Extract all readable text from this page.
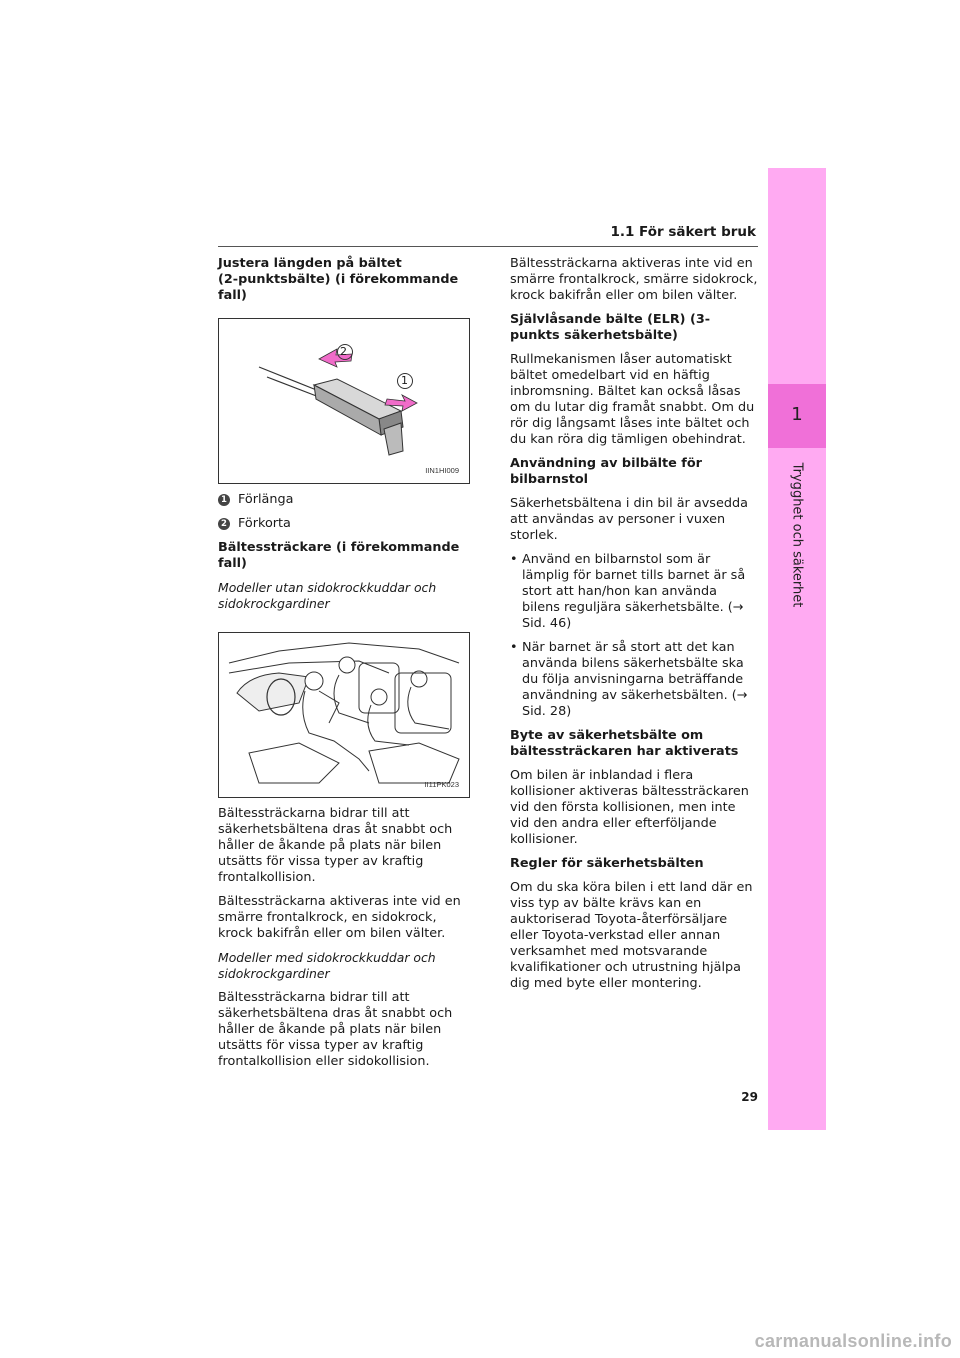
1.1 För säkert bruk
1
Trygghet och säkerhet
Justera längden på bältet
(2-punktsbälte) (i förekommande fall)
2
1
IIN1HI009
1 Förlänga
2 Förkorta
Bältessträckare (i förekommande fall)
Modeller utan sidokrockkuddar och sidokrockgardiner
II11PK023

Bältessträckarna bidrar till att säkerhetsbältena dras åt snabbt och håller de åkande på plats när bilen utsätts för vissa typer av kraftig frontalkollision.

Bältessträckarna aktiveras inte vid en smärre frontalkrock, en sidokrock, krock bakifrån eller om bilen välter.

Modeller med sidokrockkuddar och sidokrockgardiner

Bältessträckarna bidrar till att säkerhetsbältena dras åt snabbt och håller de åkande på plats när bilen utsätts för vissa typer av kraftig frontalkollision eller sidokollision.

Bältessträckarna aktiveras inte vid en smärre frontalkrock, smärre sidokrock, krock bakifrån eller om bilen välter.

Självlåsande bälte (ELR) (3-punkts säkerhetsbälte)

Rullmekanismen låser automatiskt bältet omedelbart vid en häftig inbromsning. Bältet kan också låsas om du lutar dig framåt snabbt. Om du rör dig långsamt låses inte bältet och du kan röra dig tämligen obehindrat.

Användning av bilbälte för bilbarnstol

Säkerhetsbältena i din bil är avsedda att användas av personer i vuxen storlek.

• Använd en bilbarnstol som är lämplig för barnet tills barnet är så stort att han/hon kan använda bilens reguljära säkerhetsbälte. (→ Sid. 46)
• När barnet är så stort att det kan använda bilens säkerhetsbälte ska du följa anvisningarna beträffande användning av säkerhetsbälten. (→ Sid. 28)
Byte av säkerhetsbälte om bältessträckaren har aktiverats

Om bilen är inblandad i flera kollisioner aktiveras bältessträckaren vid den första kollisionen, men inte vid den andra eller efterföljande kollisioner.

Regler för säkerhetsbälten

Om du ska köra bilen i ett land där en viss typ av bälte krävs kan en auktoriserad Toyota-återförsäljare eller Toyota-verkstad eller annan verksamhet med motsvarande kvalifikationer och utrustning hjälpa dig med byte eller montering.

29
carmanualsonline.info
